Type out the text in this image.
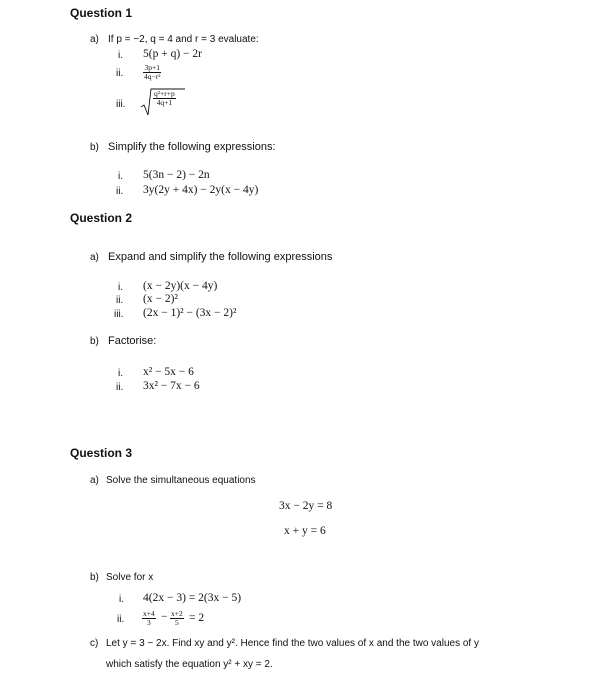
Question 1
a) If p = −2, q = 4 and r = 3 evaluate:
i. 5(p + q) − 2r
ii.
3p+1
4q−r²
iii.
q²+r+p
4q+1
b) Simplify the following expressions:
i. 5(3n − 2) − 2n
ii. 3y(2y + 4x) − 2y(x − 4y)
Question 2
a) Expand and simplify the following expressions
i. (x − 2y)(x − 4y)
ii. (x − 2)²
iii. (2x − 1)² − (3x − 2)²
b) Factorise:
i. x² − 5x − 6
ii. 3x² − 7x − 6
Question 3
a) Solve the simultaneous equations
3x − 2y = 8
x + y = 6
b) Solve for x
i. 4(2x − 3) = 2(3x − 5)
ii.
x+4
3 − x+2
5 = 2
c) Let y = 3 − 2x. Find xy and y². Hence find the two values of x and the two values of y
which satisfy the equation y² + xy = 2.
